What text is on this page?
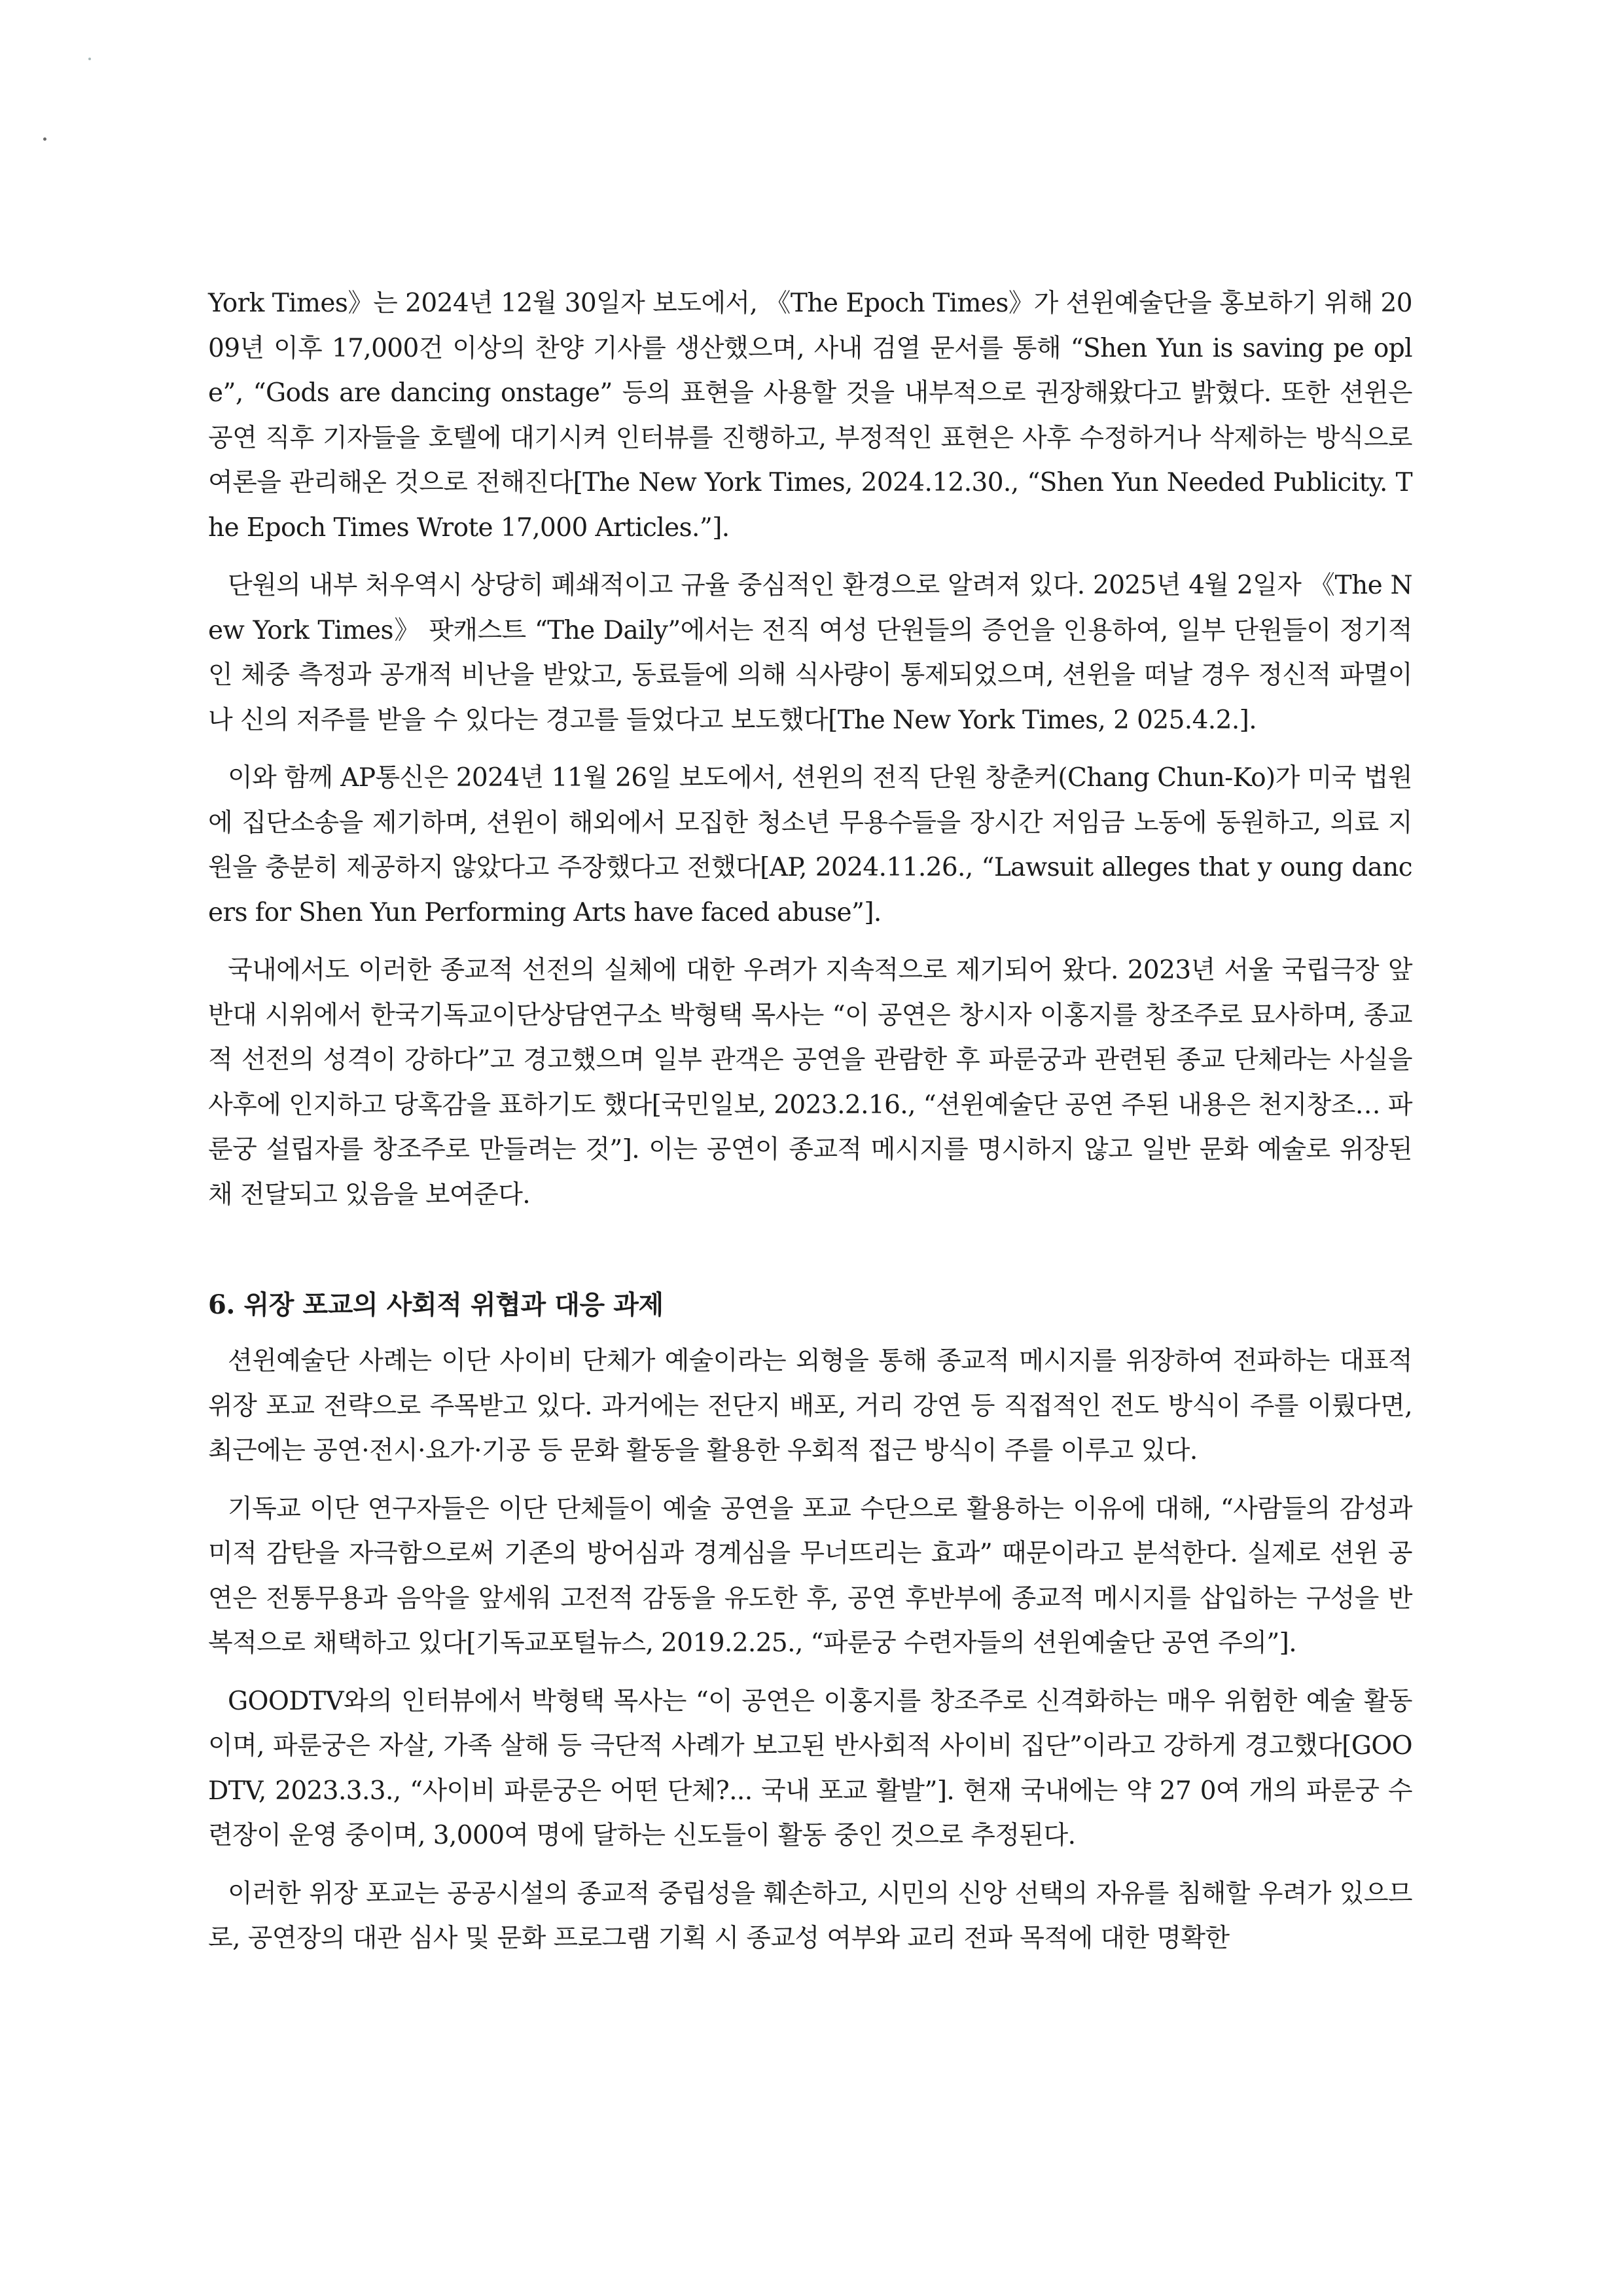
York Times》는 2024년 12월 30일자 보도에서, 《The Epoch Times》가 션윈예술단을 홍보하기 위해 2009년 이후 17,000건 이상의 찬양 기사를 생산했으며, 사내 검열 문서를 통해 “Shen Yun is saving pe ople”, “Gods are dancing onstage” 등의 표현을 사용할 것을 내부적으로 권장해왔다고 밝혔다. 또한 션윈은 공연 직후 기자들을 호텔에 대기시켜 인터뷰를 진행하고, 부정적인 표현은 사후 수정하거나 삭제하는 방식으로 여론을 관리해온 것으로 전해진다[The New York Times, 2024.12.30., “Shen Yun Needed Publicity. The Epoch Times Wrote 17,000 Articles.”].

단원의 내부 처우역시 상당히 폐쇄적이고 규율 중심적인 환경으로 알려져 있다. 2025년 4월 2일자 《The New York Times》 팟캐스트 “The Daily”에서는 전직 여성 단원들의 증언을 인용하여, 일부 단원들이 정기적인 체중 측정과 공개적 비난을 받았고, 동료들에 의해 식사량이 통제되었으며, 션윈을 떠날 경우 정신적 파멸이나 신의 저주를 받을 수 있다는 경고를 들었다고 보도했다[The New York Times, 2 025.4.2.].

이와 함께 AP통신은 2024년 11월 26일 보도에서, 션윈의 전직 단원 창춘커(Chang Chun-Ko)가 미국 법원에 집단소송을 제기하며, 션윈이 해외에서 모집한 청소년 무용수들을 장시간 저임금 노동에 동원하고, 의료 지원을 충분히 제공하지 않았다고 주장했다고 전했다[AP, 2024.11.26., “Lawsuit alleges that y oung dancers for Shen Yun Performing Arts have faced abuse”].

국내에서도 이러한 종교적 선전의 실체에 대한 우려가 지속적으로 제기되어 왔다. 2023년 서울 국립극장 앞 반대 시위에서 한국기독교이단상담연구소 박형택 목사는 “이 공연은 창시자 이홍지를 창조주로 묘사하며, 종교적 선전의 성격이 강하다”고 경고했으며 일부 관객은 공연을 관람한 후 파룬궁과 관련된 종교 단체라는 사실을 사후에 인지하고 당혹감을 표하기도 했다[국민일보, 2023.2.16., “션윈예술단 공연 주된 내용은 천지창조… 파룬궁 설립자를 창조주로 만들려는 것”]. 이는 공연이 종교적 메시지를 명시하지 않고 일반 문화 예술로 위장된 채 전달되고 있음을 보여준다.

6. 위장 포교의 사회적 위협과 대응 과제

션윈예술단 사례는 이단 사이비 단체가 예술이라는 외형을 통해 종교적 메시지를 위장하여 전파하는 대표적 위장 포교 전략으로 주목받고 있다. 과거에는 전단지 배포, 거리 강연 등 직접적인 전도 방식이 주를 이뤘다면, 최근에는 공연·전시·요가·기공 등 문화 활동을 활용한 우회적 접근 방식이 주를 이루고 있다.

기독교 이단 연구자들은 이단 단체들이 예술 공연을 포교 수단으로 활용하는 이유에 대해, “사람들의 감성과 미적 감탄을 자극함으로써 기존의 방어심과 경계심을 무너뜨리는 효과” 때문이라고 분석한다. 실제로 션윈 공연은 전통무용과 음악을 앞세워 고전적 감동을 유도한 후, 공연 후반부에 종교적 메시지를 삽입하는 구성을 반복적으로 채택하고 있다[기독교포털뉴스, 2019.2.25., “파룬궁 수련자들의 션윈예술단 공연 주의”].

GOODTV와의 인터뷰에서 박형택 목사는 “이 공연은 이홍지를 창조주로 신격화하는 매우 위험한 예술 활동이며, 파룬궁은 자살, 가족 살해 등 극단적 사례가 보고된 반사회적 사이비 집단”이라고 강하게 경고했다[GOODTV, 2023.3.3., “사이비 파룬궁은 어떤 단체?... 국내 포교 활발”]. 현재 국내에는 약 27 0여 개의 파룬궁 수련장이 운영 중이며, 3,000여 명에 달하는 신도들이 활동 중인 것으로 추정된다.

이러한 위장 포교는 공공시설의 종교적 중립성을 훼손하고, 시민의 신앙 선택의 자유를 침해할 우려가 있으므로, 공연장의 대관 심사 및 문화 프로그램 기획 시 종교성 여부와 교리 전파 목적에 대한 명확한
